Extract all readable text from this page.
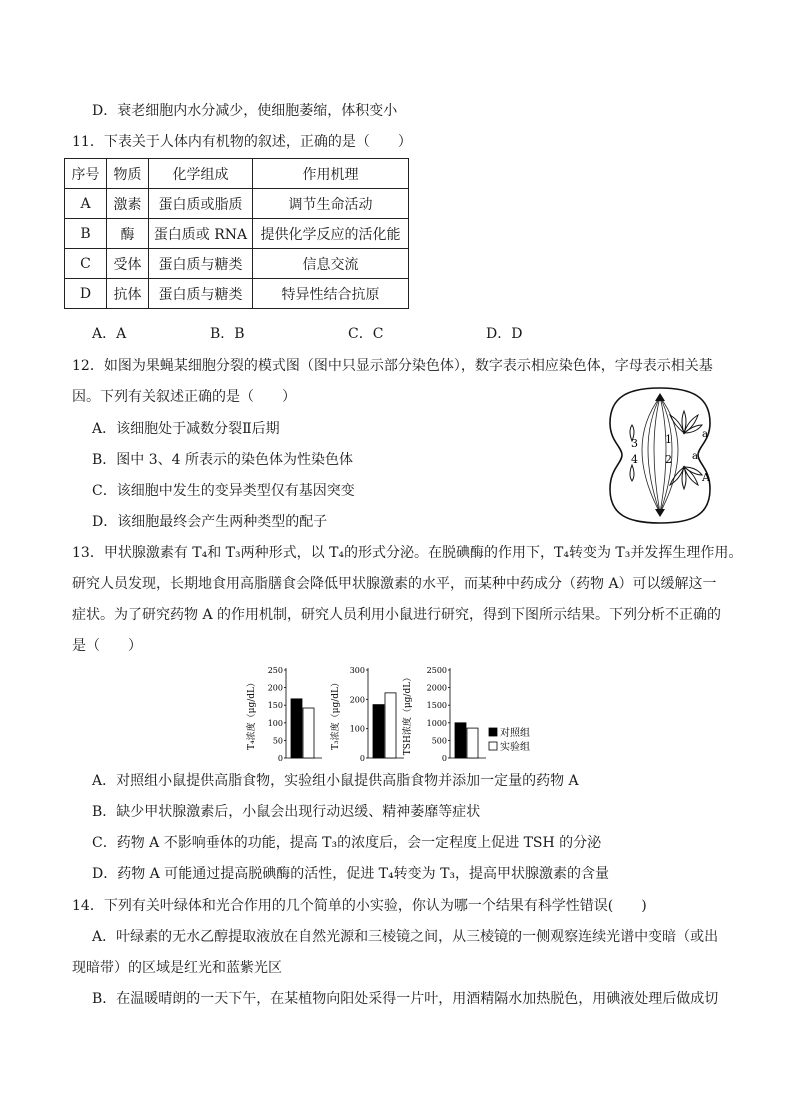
D．衰老细胞内水分减少，使细胞萎缩，体积变小
11．下表关于人体内有机物的叙述，正确的是（　　）
序号	物质	化学组成	作用机理
A	激素	蛋白质或脂质	调节生命活动
B	酶	蛋白质或 RNA	提供化学反应的活化能
C	受体	蛋白质与糖类	信息交流
D	抗体	蛋白质与糖类	特异性结合抗原
A．A	B．B	C．C	D．D
12．如图为果蝇某细胞分裂的模式图（图中只显示部分染色体），数字表示相应染色体，字母表示相关基
因。下列有关叙述正确的是（　　）
A．该细胞处于减数分裂Ⅱ后期
B．图中 3、4 所表示的染色体为性染色体
C．该细胞中发生的变异类型仅有基因突变
D．该细胞最终会产生两种类型的配子
3
4
1
2
a
a
A
13．甲状腺激素有 T₄和 T₃两种形式，以 T₄的形式分泌。在脱碘酶的作用下，T₄转变为 T₃并发挥生理作用。
研究人员发现，长期地食用高脂膳食会降低甲状腺激素的水平，而某种中药成分（药物 A）可以缓解这一
症状。为了研究药物 A 的作用机制，研究人员利用小鼠进行研究，得到下图所示结果。下列分析不正确的
是（　　）
T₄浓度（μg/dL）
0
50
100
150
200
250
T₃浓度（μg/dL）
0
100
200
300
TSH浓度（μg/dL）
0
500
1000
1500
2000
2500
对照组
实验组
A．对照组小鼠提供高脂食物，实验组小鼠提供高脂食物并添加一定量的药物 A
B．缺少甲状腺激素后，小鼠会出现行动迟缓、精神萎靡等症状
C．药物 A 不影响垂体的功能，提高 T₃的浓度后，会一定程度上促进 TSH 的分泌
D．药物 A 可能通过提高脱碘酶的活性，促进 T₄转变为 T₃，提高甲状腺激素的含量
14．下列有关叶绿体和光合作用的几个简单的小实验，你认为哪一个结果有科学性错误(　　)
A．叶绿素的无水乙醇提取液放在自然光源和三棱镜之间，从三棱镜的一侧观察连续光谱中变暗（或出
现暗带）的区域是红光和蓝紫光区
B．在温暖晴朗的一天下午，在某植物向阳处采得一片叶，用酒精隔水加热脱色，用碘液处理后做成切
